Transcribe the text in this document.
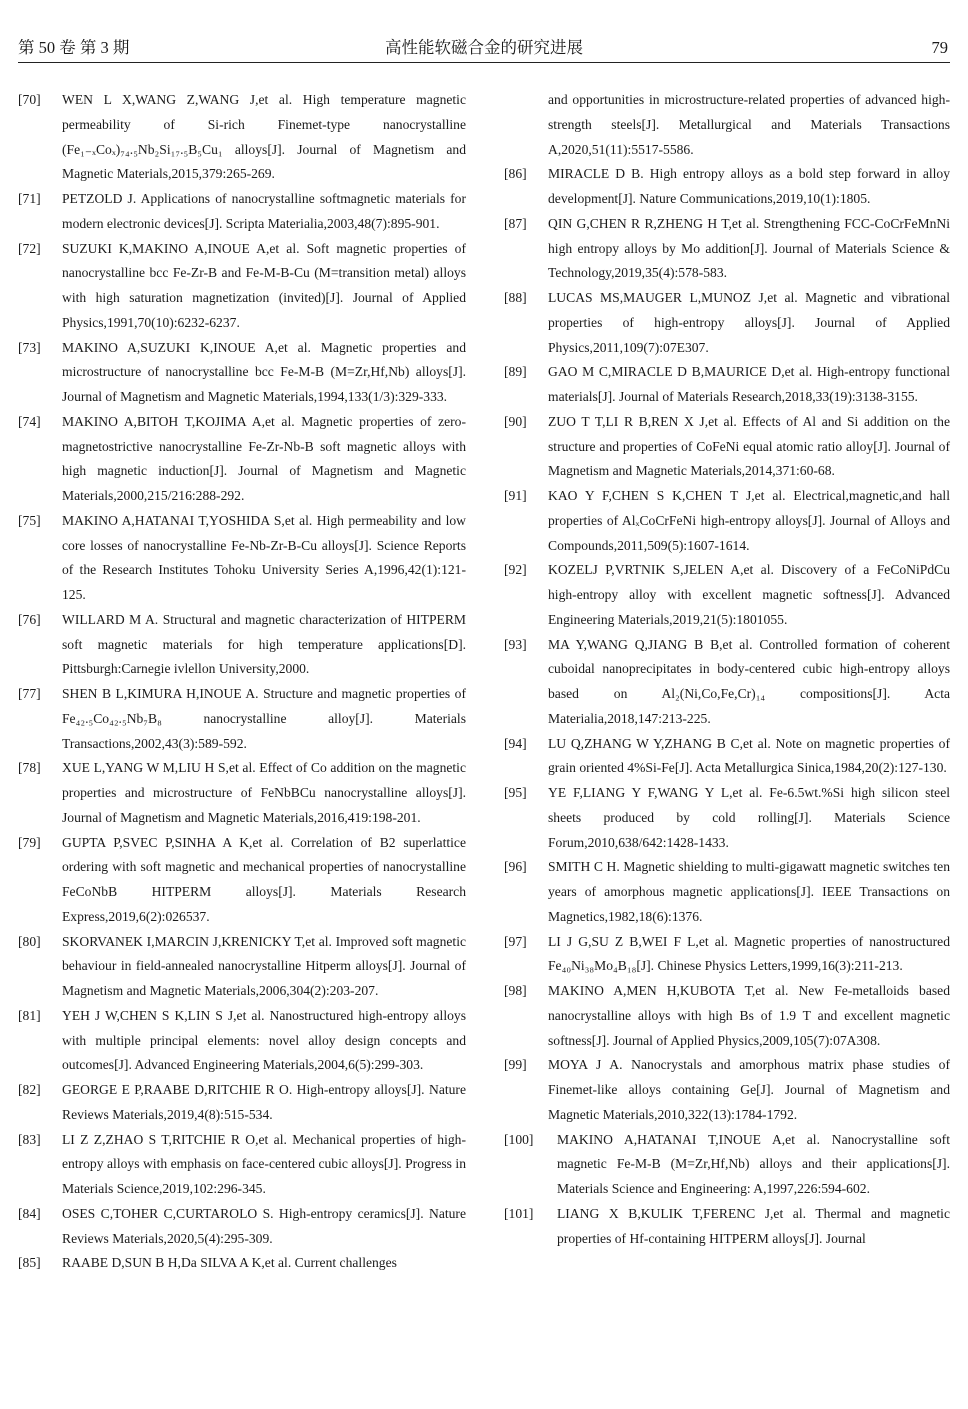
第 50 卷 第 3 期	高性能软磁合金的研究进展	79
[70]	WEN L X,WANG Z,WANG J,et al. High temperature magnetic permeability of Si-rich Finemet-type nanocrystalline (Fe₁₋ₓCoₓ)₇₄.₅Nb₂Si₁₇.₅B₅Cu₁ alloys[J]. Journal of Magnetism and Magnetic Materials,2015,379:265-269.
[71]	PETZOLD J. Applications of nanocrystalline softmagnetic materials for modern electronic devices[J]. Scripta Materialia,2003,48(7):895-901.
[72]	SUZUKI K,MAKINO A,INOUE A,et al. Soft magnetic properties of nanocrystalline bcc Fe-Zr-B and Fe-M-B-Cu (M=transition metal) alloys with high saturation magnetization (invited)[J]. Journal of Applied Physics,1991,70(10):6232-6237.
[73]	MAKINO A,SUZUKI K,INOUE A,et al. Magnetic properties and microstructure of nanocrystalline bcc Fe-M-B (M=Zr,Hf,Nb) alloys[J]. Journal of Magnetism and Magnetic Materials,1994,133(1/3):329-333.
[74]	MAKINO A,BITOH T,KOJIMA A,et al. Magnetic properties of zero-magnetostrictive nanocrystalline Fe-Zr-Nb-B soft magnetic alloys with high magnetic induction[J]. Journal of Magnetism and Magnetic Materials,2000,215/216:288-292.
[75]	MAKINO A,HATANAI T,YOSHIDA S,et al. High permeability and low core losses of nanocrystalline Fe-Nb-Zr-B-Cu alloys[J]. Science Reports of the Research Institutes Tohoku University Series A,1996,42(1):121-125.
[76]	WILLARD M A. Structural and magnetic characterization of HITPERM soft magnetic materials for high temperature applications[D]. Pittsburgh:Carnegie ivlellon University,2000.
[77]	SHEN B L,KIMURA H,INOUE A. Structure and magnetic properties of Fe₄₂.₅Co₄₂.₅Nb₇B₈ nanocrystalline alloy[J]. Materials Transactions,2002,43(3):589-592.
[78]	XUE L,YANG W M,LIU H S,et al. Effect of Co addition on the magnetic properties and microstructure of FeNbBCu nanocrystalline alloys[J]. Journal of Magnetism and Magnetic Materials,2016,419:198-201.
[79]	GUPTA P,SVEC P,SINHA A K,et al. Correlation of B2 superlattice ordering with soft magnetic and mechanical properties of nanocrystalline FeCoNbB HITPERM alloys[J]. Materials Research Express,2019,6(2):026537.
[80]	SKORVANEK I,MARCIN J,KRENICKY T,et al. Improved soft magnetic behaviour in field-annealed nanocrystalline Hitperm alloys[J]. Journal of Magnetism and Magnetic Materials,2006,304(2):203-207.
[81]	YEH J W,CHEN S K,LIN S J,et al. Nanostructured high-entropy alloys with multiple principal elements: novel alloy design concepts and outcomes[J]. Advanced Engineering Materials,2004,6(5):299-303.
[82]	GEORGE E P,RAABE D,RITCHIE R O. High-entropy alloys[J]. Nature Reviews Materials,2019,4(8):515-534.
[83]	LI Z Z,ZHAO S T,RITCHIE R O,et al. Mechanical properties of high-entropy alloys with emphasis on face-centered cubic alloys[J]. Progress in Materials Science,2019,102:296-345.
[84]	OSES C,TOHER C,CURTAROLO S. High-entropy ceramics[J]. Nature Reviews Materials,2020,5(4):295-309.
[85]	RAABE D,SUN B H,Da SILVA A K,et al. Current challenges
and opportunities in microstructure-related properties of advanced high-strength steels[J]. Metallurgical and Materials Transactions A,2020,51(11):5517-5586.
[86]	MIRACLE D B. High entropy alloys as a bold step forward in alloy development[J]. Nature Communications,2019,10(1):1805.
[87]	QIN G,CHEN R R,ZHENG H T,et al. Strengthening FCC-CoCrFeMnNi high entropy alloys by Mo addition[J]. Journal of Materials Science & Technology,2019,35(4):578-583.
[88]	LUCAS MS,MAUGER L,MUNOZ J,et al. Magnetic and vibrational properties of high-entropy alloys[J]. Journal of Applied Physics,2011,109(7):07E307.
[89]	GAO M C,MIRACLE D B,MAURICE D,et al. High-entropy functional materials[J]. Journal of Materials Research,2018,33(19):3138-3155.
[90]	ZUO T T,LI R B,REN X J,et al. Effects of Al and Si addition on the structure and properties of CoFeNi equal atomic ratio alloy[J]. Journal of Magnetism and Magnetic Materials,2014,371:60-68.
[91]	KAO Y F,CHEN S K,CHEN T J,et al. Electrical,magnetic,and hall properties of AlₓCoCrFeNi high-entropy alloys[J]. Journal of Alloys and Compounds,2011,509(5):1607-1614.
[92]	KOZELJ P,VRTNIK S,JELEN A,et al. Discovery of a FeCoNiPdCu high-entropy alloy with excellent magnetic softness[J]. Advanced Engineering Materials,2019,21(5):1801055.
[93]	MA Y,WANG Q,JIANG B B,et al. Controlled formation of coherent cuboidal nanoprecipitates in body-centered cubic high-entropy alloys based on Al₂(Ni,Co,Fe,Cr)₁₄ compositions[J]. Acta Materialia,2018,147:213-225.
[94]	LU Q,ZHANG W Y,ZHANG B C,et al. Note on magnetic properties of grain oriented 4%Si-Fe[J]. Acta Metallurgica Sinica,1984,20(2):127-130.
[95]	YE F,LIANG Y F,WANG Y L,et al. Fe-6.5wt.%Si high silicon steel sheets produced by cold rolling[J]. Materials Science Forum,2010,638/642:1428-1433.
[96]	SMITH C H. Magnetic shielding to multi-gigawatt magnetic switches ten years of amorphous magnetic applications[J]. IEEE Transactions on Magnetics,1982,18(6):1376.
[97]	LI J G,SU Z B,WEI F L,et al. Magnetic properties of nanostructured Fe₄₀Ni₃₈Mo₄B₁₈[J]. Chinese Physics Letters,1999,16(3):211-213.
[98]	MAKINO A,MEN H,KUBOTA T,et al. New Fe-metalloids based nanocrystalline alloys with high Bs of 1.9 T and excellent magnetic softness[J]. Journal of Applied Physics,2009,105(7):07A308.
[99]	MOYA J A. Nanocrystals and amorphous matrix phase studies of Finemet-like alloys containing Ge[J]. Journal of Magnetism and Magnetic Materials,2010,322(13):1784-1792.
[100]	MAKINO A,HATANAI T,INOUE A,et al. Nanocrystalline soft magnetic Fe-M-B (M=Zr,Hf,Nb) alloys and their applications[J]. Materials Science and Engineering: A,1997,226:594-602.
[101]	LIANG X B,KULIK T,FERENC J,et al. Thermal and magnetic properties of Hf-containing HITPERM alloys[J]. Journal
